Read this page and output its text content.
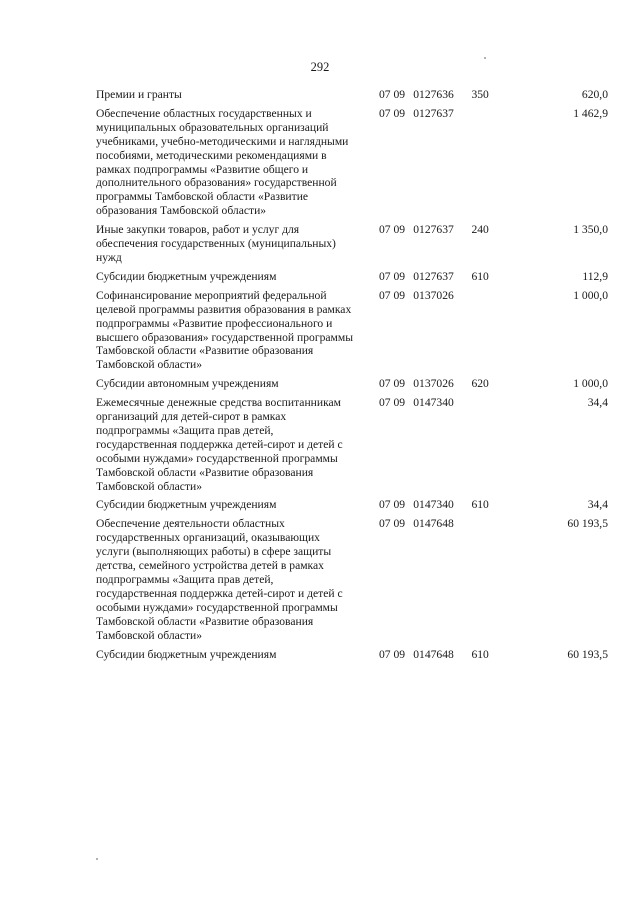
292
Премии и гранты	07 09	0127636	350	620,0
Обеспечение областных государственных и муниципальных образовательных организаций учебниками, учебно-методическими и наглядными пособиями, методическими рекомендациями в рамках подпрограммы «Развитие общего и дополнительного образования» государственной программы Тамбовской области «Развитие образования Тамбовской области»	07 09	0127637		1 462,9
Иные закупки товаров, работ и услуг для обеспечения государственных (муниципальных) нужд	07 09	0127637	240	1 350,0
Субсидии бюджетным учреждениям	07 09	0127637	610	112,9
Софинансирование мероприятий федеральной целевой программы развития образования в рамках подпрограммы «Развитие профессионального и высшего образования» государственной программы Тамбовской области «Развитие образования Тамбовской области»	07 09	0137026		1 000,0
Субсидии автономным учреждениям	07 09	0137026	620	1 000,0
Ежемесячные денежные средства воспитанникам организаций для детей-сирот в рамках подпрограммы «Защита прав детей, государственная поддержка детей-сирот и детей с особыми нуждами» государственной программы Тамбовской области «Развитие образования Тамбовской области»	07 09	0147340		34,4
Субсидии бюджетным учреждениям	07 09	0147340	610	34,4
Обеспечение деятельности областных государственных организаций, оказывающих услуги (выполняющих работы) в сфере защиты детства, семейного устройства детей в рамках подпрограммы «Защита прав детей, государственная поддержка детей-сирот и детей с особыми нуждами» государственной программы Тамбовской области «Развитие образования Тамбовской области»	07 09	0147648		60 193,5
Субсидии бюджетным учреждениям	07 09	0147648	610	60 193,5
